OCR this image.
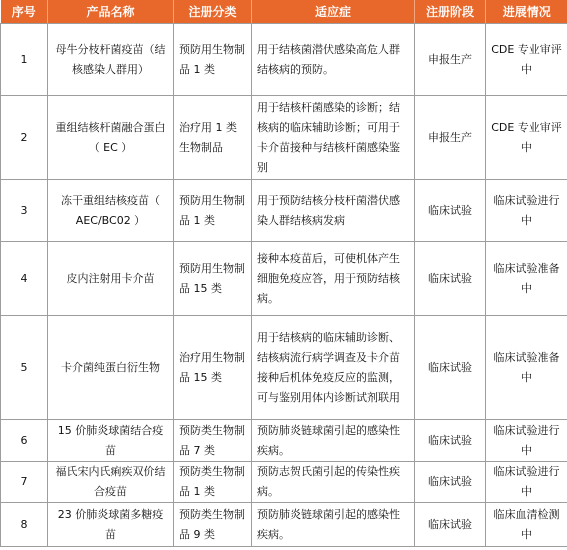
序号	产品名称	注册分类	适应症	注册阶段	进展情况
1	母牛分枝杆菌疫苗（结核感染人群用）	预防用生物制品 1 类	用于结核菌潜伏感染高危人群结核病的预防。	申报生产	CDE 专业审评中
2	重组结核杆菌融合蛋白（ EC ）	治疗用 1 类生物制品	用于结核杆菌感染的诊断；结核病的临床辅助诊断；可用于卡介苗接种与结核杆菌感染鉴别	申报生产	CDE 专业审评中
3	冻干重组结核疫苗（ AEC/BC02 ）	预防用生物制品 1 类	用于预防结核分枝杆菌潜伏感染人群结核病发病	临床试验	临床试验进行中
4	皮内注射用卡介苗	预防用生物制品 15 类	接种本疫苗后，可使机体产生细胞免疫应答，用于预防结核病。	临床试验	临床试验准备中
5	卡介菌纯蛋白衍生物	治疗用生物制品 15 类	用于结核病的临床辅助诊断、结核病流行病学调查及卡介苗接种后机体免疫反应的监测，可与鉴别用体内诊断试剂联用	临床试验	临床试验准备中
6	15 价肺炎球菌结合疫苗	预防类生物制品 7 类	预防肺炎链球菌引起的感染性疾病。	临床试验	临床试验进行中
7	福氏宋内氏痢疾双价结合疫苗	预防类生物制品 1 类	预防志贺氏菌引起的传染性疾病。	临床试验	临床试验进行中
8	23 价肺炎球菌多糖疫苗	预防类生物制品 9 类	预防肺炎链球菌引起的感染性疾病。	临床试验	临床血清检测中
